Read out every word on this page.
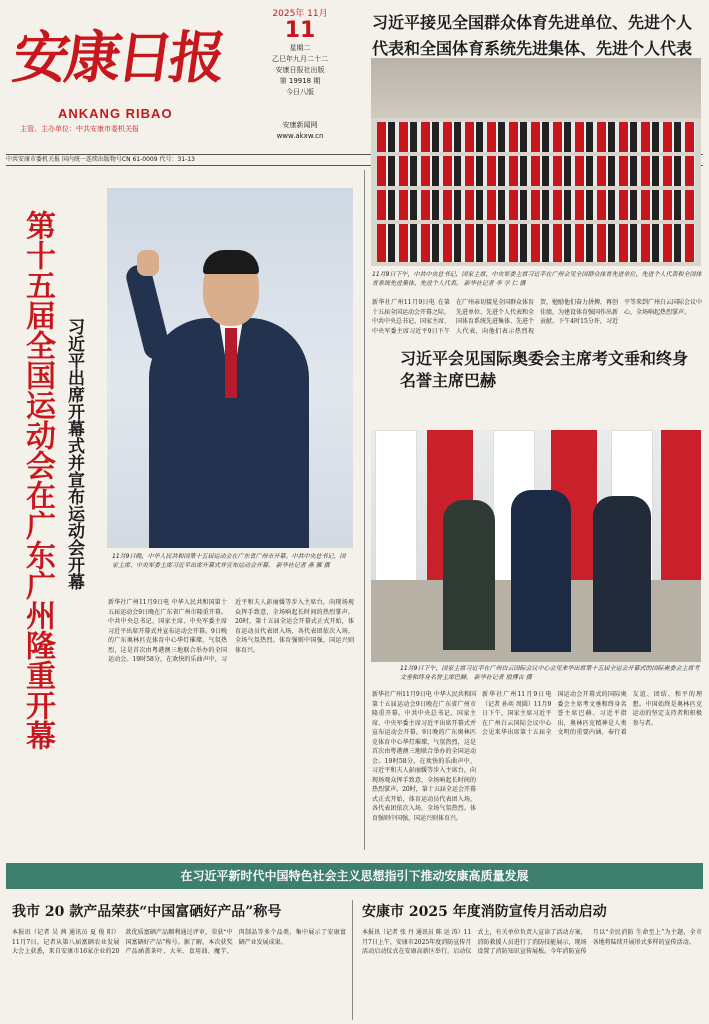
安康日报
ANKANG RIBAO
主管、主办单位：中共安康市委机关报
2025年 11月
11
星期二
乙巳年九月二十二
安康日报社出版
第 19918 期
今日八版
安康新闻网
www.akxw.cn
习近平接见全国群众体育先进单位、先进个人代表和全国体育系统先进集体、先进个人代表
中共安康市委机关报 国内统一连续出版物号CN 61-0009 代号：31-13
11月9日下午，中共中央总书记、国家主席、中央军委主席习近平在广州会见全国群众体育先进单位、先进个人代表和全国体育系统先进集体、先进个人代表。 新华社记者 李 学 仁 摄
新华社广州11月9日电 在第十五届全国运动会开幕之际，中共中央总书记、国家主席、中央军委主席习近平9日下午在广州亲切接见全国群众体育先进单位、先进个人代表和全国体育系统先进集体、先进个人代表，向他们表示热烈祝贺，勉励他们奋力拼搏，再创佳绩，为建设体育强国作出新贡献。下午4时15分许，习近平等来到广州白云国际会议中心，全场响起热烈掌声。
习近平会见国际奥委会主席考文垂和终身名誉主席巴赫
11月9日下午，国家主席习近平在广州白云国际会议中心会见来华出席第十五届全运会开幕式的国际奥委会主席考文垂和终身名誉主席巴赫。 新华社记者 殷博古 摄
新华社广州11月9日电（记者 孙奕 周圆）11月9日下午，国家主席习近平在广州白云国际会议中心会见来华出席第十五届全国运动会开幕式的国际奥委会主席考文垂和终身名誉主席巴赫。习近平指出，奥林匹克精神是人类文明的重要内涵，奉行着友谊、团结、和平的理想。中国始终是奥林匹克运动的坚定支持者和积极参与者。
第十五届全国运动会在广东广州隆重开幕 习近平出席开幕式并宣布运动会开幕	11月9日晚，中华人民共和国第十五届运动会在广东省广州市开幕。中共中央总书记、国家主席、中央军委主席习近平出席开幕式并宣布运动会开幕。 新华社记者 燕 雁 摄
新华社广州11月9日电 中华人民共和国第十五届运动会9日晚在广东省广州市隆重开幕。中共中央总书记、国家主席、中央军委主席习近平出席开幕式并宣布运动会开幕。9日晚的广东奥林匹克体育中心华灯璀璨，气氛热烈，这是首次由粤港澳三地联合举办的全国运动会。19时58分，在欢快的乐曲声中，习近平和夫人彭丽媛等步入主席台，向现场观众挥手致意，全场响起长时间的热烈掌声。20时，第十五届全运会开幕式正式开始，体育运动员代表团入场，各代表团依次入场，全场气氛热烈。体育强则中国强，国运兴则体育兴。
新华社广州11月9日电 中华人民共和国第十五届运动会9日晚在广东省广州市隆重开幕。中共中央总书记、国家主席、中央军委主席习近平出席开幕式并宣布运动会开幕。9日晚的广东奥林匹克体育中心华灯璀璨，气氛热烈，这是首次由粤港澳三地联合举办的全国运动会。19时58分，在欢快的乐曲声中，习近平和夫人彭丽媛等步入主席台，向现场观众挥手致意，全场响起长时间的热烈掌声。20时，第十五届全运会开幕式正式开始，体育运动员代表团入场，各代表团依次入场，全场气氛热烈。体育强则中国强，国运兴则体育兴。
在习近平新时代中国特色社会主义思想指引下推动安康高质量发展
我市 20 款产品荣获“中国富硒好产品”称号
本报讯（记者 吴 茜 通讯员 夏 俊 阳）11月7日，记者从第八届富硒农业发展大会上获悉，来自安康市16家企业的20款优质富硒产品顺利通过评审，荣获“中国富硒好产品”称号。据了解，本次获奖产品涵盖茶叶、大米、食用油、魔芋、肉制品等多个品类，集中展示了安康富硒产业发展成果。
安康市 2025 年度消防宣传月活动启动
本报讯（记者 张 丹 通讯员 陈 运 涛）11月7日上午，安康市2025年度消防宣传月活动启动仪式在安康高新区举行。启动仪式上，有关单位负责人宣读了活动方案，消防救援人员进行了消防技能展示，现场设置了消防知识宣传展板。今年消防宣传月以“全民消防 生命至上”为主题，全市各地将陆续开展形式多样的宣传活动。
